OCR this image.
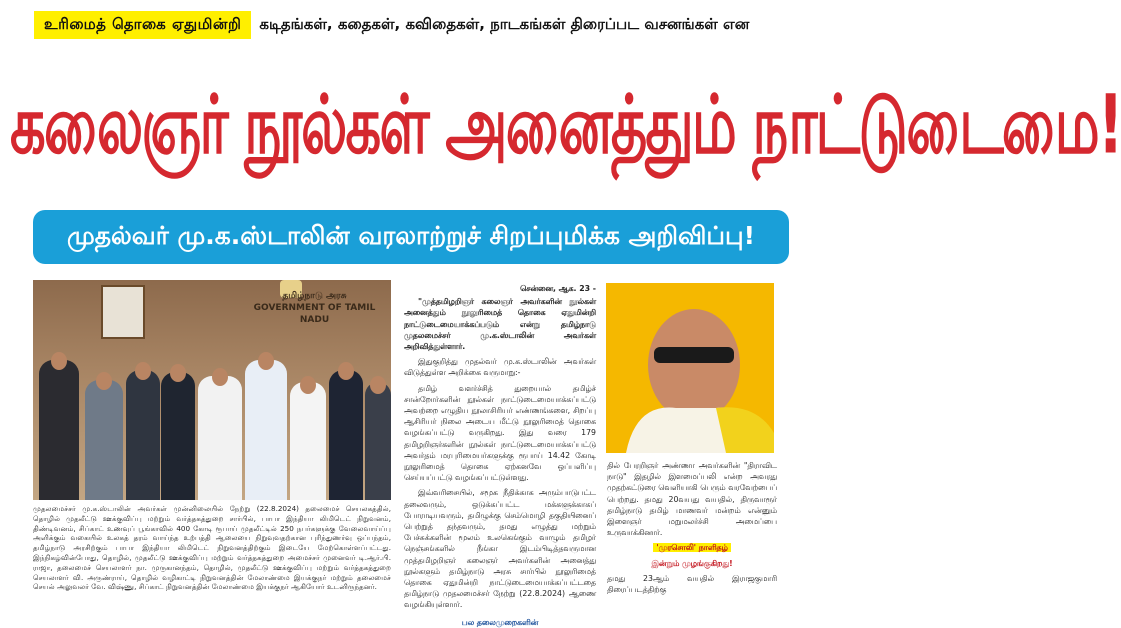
உரிமைத் தொகை ஏதுமின்றி	கடிதங்கள், கதைகள், கவிதைகள், நாடகங்கள் திரைப்பட வசனங்கள் என
கலைஞர் நூல்கள் அனைத்தும் நாட்டுடைமை!
முதல்வர் மு.க.ஸ்டாலின் வரலாற்றுச் சிறப்புமிக்க அறிவிப்பு!
தமிழ்நாடு அரசு
GOVERNMENT OF TAMIL NADU
முதலமைச்சர் மு.க.ஸ்டாலின் அவர்கள் முன்னிலையில் நேற்று (22.8.2024) தலைமைச் செயலகத்தில், தொழில் முதலீட்டு ஊக்குவிப்பு மற்றும் வர்த்தகத்துறை சார்பில், பாபா இந்தியா லிமிடெட் நிறுவனம், திண்டிவனம், சிப்காட் உணவுப் பூங்காவில் 400 கோடி ரூபாய் முதலீட்டில் 250 நபர்களுக்கு வேலைவாய்ப்பு அளிக்கும் வகையில் உலகத் தரம் வாய்ந்த உற்பத்தி ஆலையை நிறுவுவதற்கான புரிந்துணர்வு ஒப்பந்தம், தமிழ்நாடு அரசிற்கும் பாபா இந்தியா லிமிடெட் நிறுவனத்திற்கும் இடையே மேற்கொள்ளப்பட்டது. இந்நிகழ்வின்போது, தொழில், முதலீட்டு ஊக்குவிப்பு மற்றும் வர்த்தகத்துறை அமைச்சர் முனைவர் டி.ஆர்.பி. ராஜா, தலைமைச் செயலாளர் நா. முருகானந்தம், தொழில், முதலீட்டு ஊக்குவிப்பு மற்றும் வர்த்தகத்துறை செயலாளர் வி. அருண்ராய், தொழில் வழிகாட்டி நிறுவனத்தின் மேலாண்மை இயக்குநர் மற்றும் தலைமைச் செயல் அலுவலர் வே. விஷ்ணு, சிப்காட் நிறுவனத்தின் மேலாண்மை இயக்குநர் ஆகியோர் உடனிருந்தனர்.
சென்னை, ஆக. 23 -

"முத்தமிழறிஞர் கலைஞர் அவர்களின் நூல்கள் அனைத்தும் நூலுரிமைத் தொகை ஏதுமின்றி நாட்டுடைமையாக்கப்படும் என்று தமிழ்நாடு முதலமைச்சர் மு.க.ஸ்டாலின் அவர்கள் அறிவித்துள்ளார்.

இதுகுறித்து முதல்வர் மு.க.ஸ்டாலின் அவர்கள் விடுத்துள்ள அறிக்கை வருமாறு:-

தமிழ் வளர்ச்சித் துறையால் தமிழ்ச் சான்றோர்களின் நூல்கள் நாட்டுடைமையாக்கப்பட்டு அவற்றை எழுதிய நூலாசிரியர் எண்ணங்களை, சிறப்பு ஆசிரியர் நிலை அடைய மீட்டு நூலுரிமைத் தொகை வழங்கப்பட்டு வருகிறது. இது வரை 179 தமிழறிஞர்களின் நூல்கள் நாட்டுடைமையாக்கப்பட்டு அவர்தம் மரபுரிமையர்களுக்கு ரூபாய் 14.42 கோடி நூலுரிமைத் தொகை ஏற்கனவே ஒப்பளிப்பு செய்யப்பட்டு வழங்கப்பட்டுள்ளது.

இவ்வரிசையில், சமூக நீதிக்காக அரும்பாடுபட்ட தலைவரும், ஒடுக்கப்பட்ட மக்களுக்காகப் போராடியவரும், தமிழுக்கு செம்மொழி தகுதியினைப் பெற்றுத் தந்தவரும், தமது எழுத்து மற்றும் பேச்சுக்களின் மூலம் உலகெங்கும் வாழும் தமிழர் நெஞ்சங்களில் நீங்கா இடம்பிடித்தவருமான முத்தமிழறிஞர் கலைஞர் அவர்களின் அனைத்து நூல்களும் தமிழ்நாடு அரசு சார்பில் நூலுரிமைத் தொகை ஏதுமின்றி நாட்டுடைமையாக்கப்பட்டதை தமிழ்நாடு முதலமைச்சர் நேற்று (22.8.2024) ஆணை வழங்கியுள்ளார்.

பல தலைமுறைகளின்

தில் பேரறிஞர் அண்ணா அவர்களின் "திராவிட நாடு" இதழில் இளமைப்பலி என்ற அவரது முதற்கட்டுரை வெளியாகி பெரும் வரவேற்பைப் பெற்றது. தமது 20வயது வயதில், திருவாரூர் தமிழ்நாடு தமிழ் மாணவர் மன்றம் என்னும் இளைஞர் மறுமலர்ச்சி அமைப்பை உருவாக்கினார்.

'முரசொலி' நாளிதழ்
இன்றும் முழங்குகிறது!

தமது 23ஆம் வயதில் இராஜகுமாரி திரைப்படத்திற்கு
